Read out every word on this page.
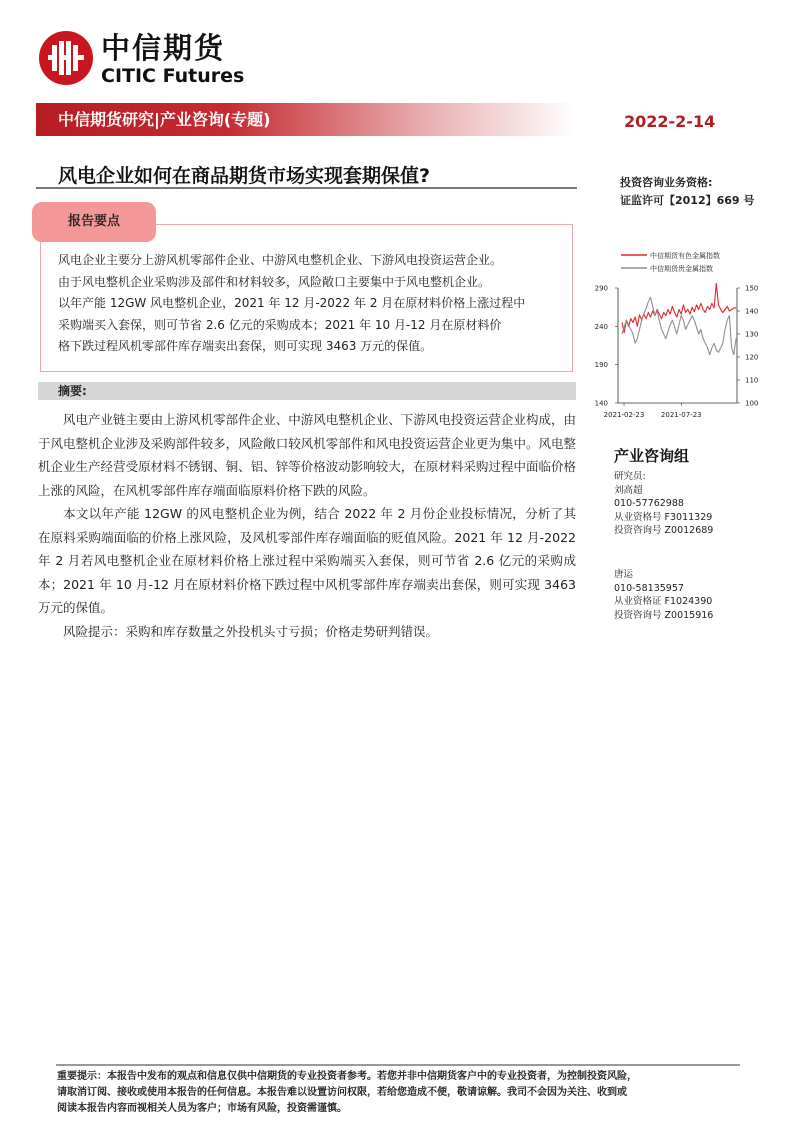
中信期货
CITIC Futures
中信期货研究|产业咨询(专题)	2022-2-14
风电企业如何在商品期货市场实现套期保值?	投资咨询业务资格:
证监许可【2012】669 号
报告要点
风电企业主要分上游风机零部件企业、中游风电整机企业、下游风电投资运营企业。
由于风电整机企业采购涉及部件和材料较多，风险敞口主要集中于风电整机企业。
以年产能 12GW 风电整机企业，2021 年 12 月-2022 年 2 月在原材料价格上涨过程中
采购端买入套保，则可节省 2.6 亿元的采购成本；2021 年 10 月-12 月在原材料价
格下跌过程风机零部件库存端卖出套保，则可实现 3463 万元的保值。
摘要:

风电产业链主要由上游风机零部件企业、中游风电整机企业、下游风电投资运营企业构成，由于风电整机企业涉及采购部件较多，风险敞口较风机零部件和风电投资运营企业更为集中。风电整机企业生产经营受原材料不锈钢、铜、铝、锌等价格波动影响较大，在原材料采购过程中面临价格上涨的风险，在风机零部件库存端面临原料价格下跌的风险。

本文以年产能 12GW 的风电整机企业为例，结合 2022 年 2 月份企业投标情况，分析了其在原料采购端面临的价格上涨风险，及风机零部件库存端面临的贬值风险。2021 年 12 月-2022 年 2 月若风电整机企业在原材料价格上涨过程中采购端买入套保，则可节省 2.6 亿元的采购成本；2021 年 10 月-12 月在原材料价格下跌过程中风机零部件库存端卖出套保，则可实现 3463 万元的保值。

风险提示：采购和库存数量之外投机头寸亏损；价格走势研判错误。

中信期货有色金属指数
中信期货贵金属指数
290
240
190
140
150
140
130
120
110
100
2021-02-23 2021-07-23
产业咨询组
研究员:
刘高超
010-57762988
从业资格号 F3011329
投资咨询号 Z0012689
唐运
010-58135957
从业资格证 F1024390
投资咨询号 Z0015916
重要提示：本报告中发布的观点和信息仅供中信期货的专业投资者参考。若您并非中信期货客户中的专业投资者，为控制投资风险，
请取消订阅、接收或使用本报告的任何信息。本报告难以设置访问权限，若给您造成不便，敬请谅解。我司不会因为关注、收到或
阅读本报告内容而视相关人员为客户；市场有风险，投资需谨慎。
